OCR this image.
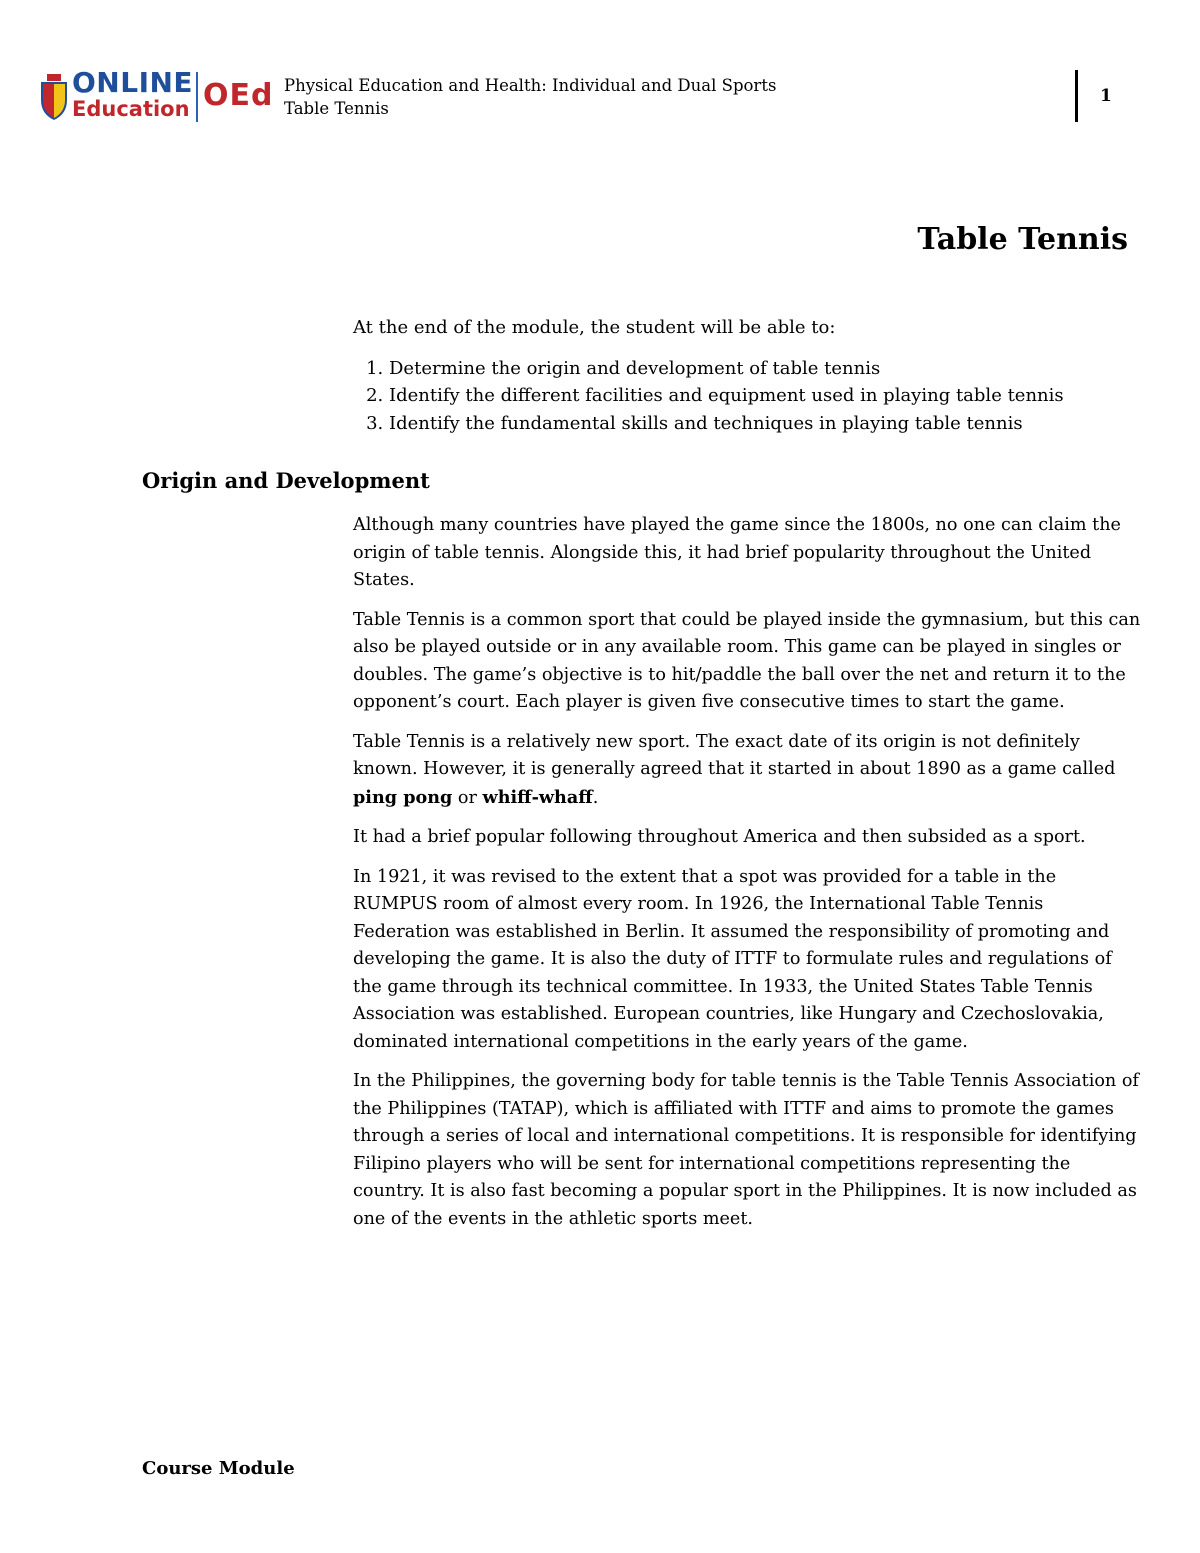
ONLINE
Education OEd Physical Education and Health: Individual and Dual Sports
Table Tennis
1
Table Tennis

At the end of the module, the student will be able to:

1. Determine the origin and development of table tennis
2. Identify the different facilities and equipment used in playing table tennis
3. Identify the fundamental skills and techniques in playing table tennis
Origin and Development

Although many countries have played the game since the 1800s, no one can claim the origin of table tennis. Alongside this, it had brief popularity throughout the United States.

Table Tennis is a common sport that could be played inside the gymnasium, but this can also be played outside or in any available room. This game can be played in singles or doubles. The game’s objective is to hit/paddle the ball over the net and return it to the opponent’s court. Each player is given five consecutive times to start the game.

Table Tennis is a relatively new sport. The exact date of its origin is not definitely known. However, it is generally agreed that it started in about 1890 as a game called ping pong or whiff-whaff.

It had a brief popular following throughout America and then subsided as a sport.

In 1921, it was revised to the extent that a spot was provided for a table in the RUMPUS room of almost every room. In 1926, the International Table Tennis Federation was established in Berlin. It assumed the responsibility of promoting and developing the game. It is also the duty of ITTF to formulate rules and regulations of the game through its technical committee. In 1933, the United States Table Tennis Association was established. European countries, like Hungary and Czechoslovakia, dominated international competitions in the early years of the game.

In the Philippines, the governing body for table tennis is the Table Tennis Association of the Philippines (TATAP), which is affiliated with ITTF and aims to promote the games through a series of local and international competitions. It is responsible for identifying Filipino players who will be sent for international competitions representing the country. It is also fast becoming a popular sport in the Philippines. It is now included as one of the events in the athletic sports meet.

Course Module
